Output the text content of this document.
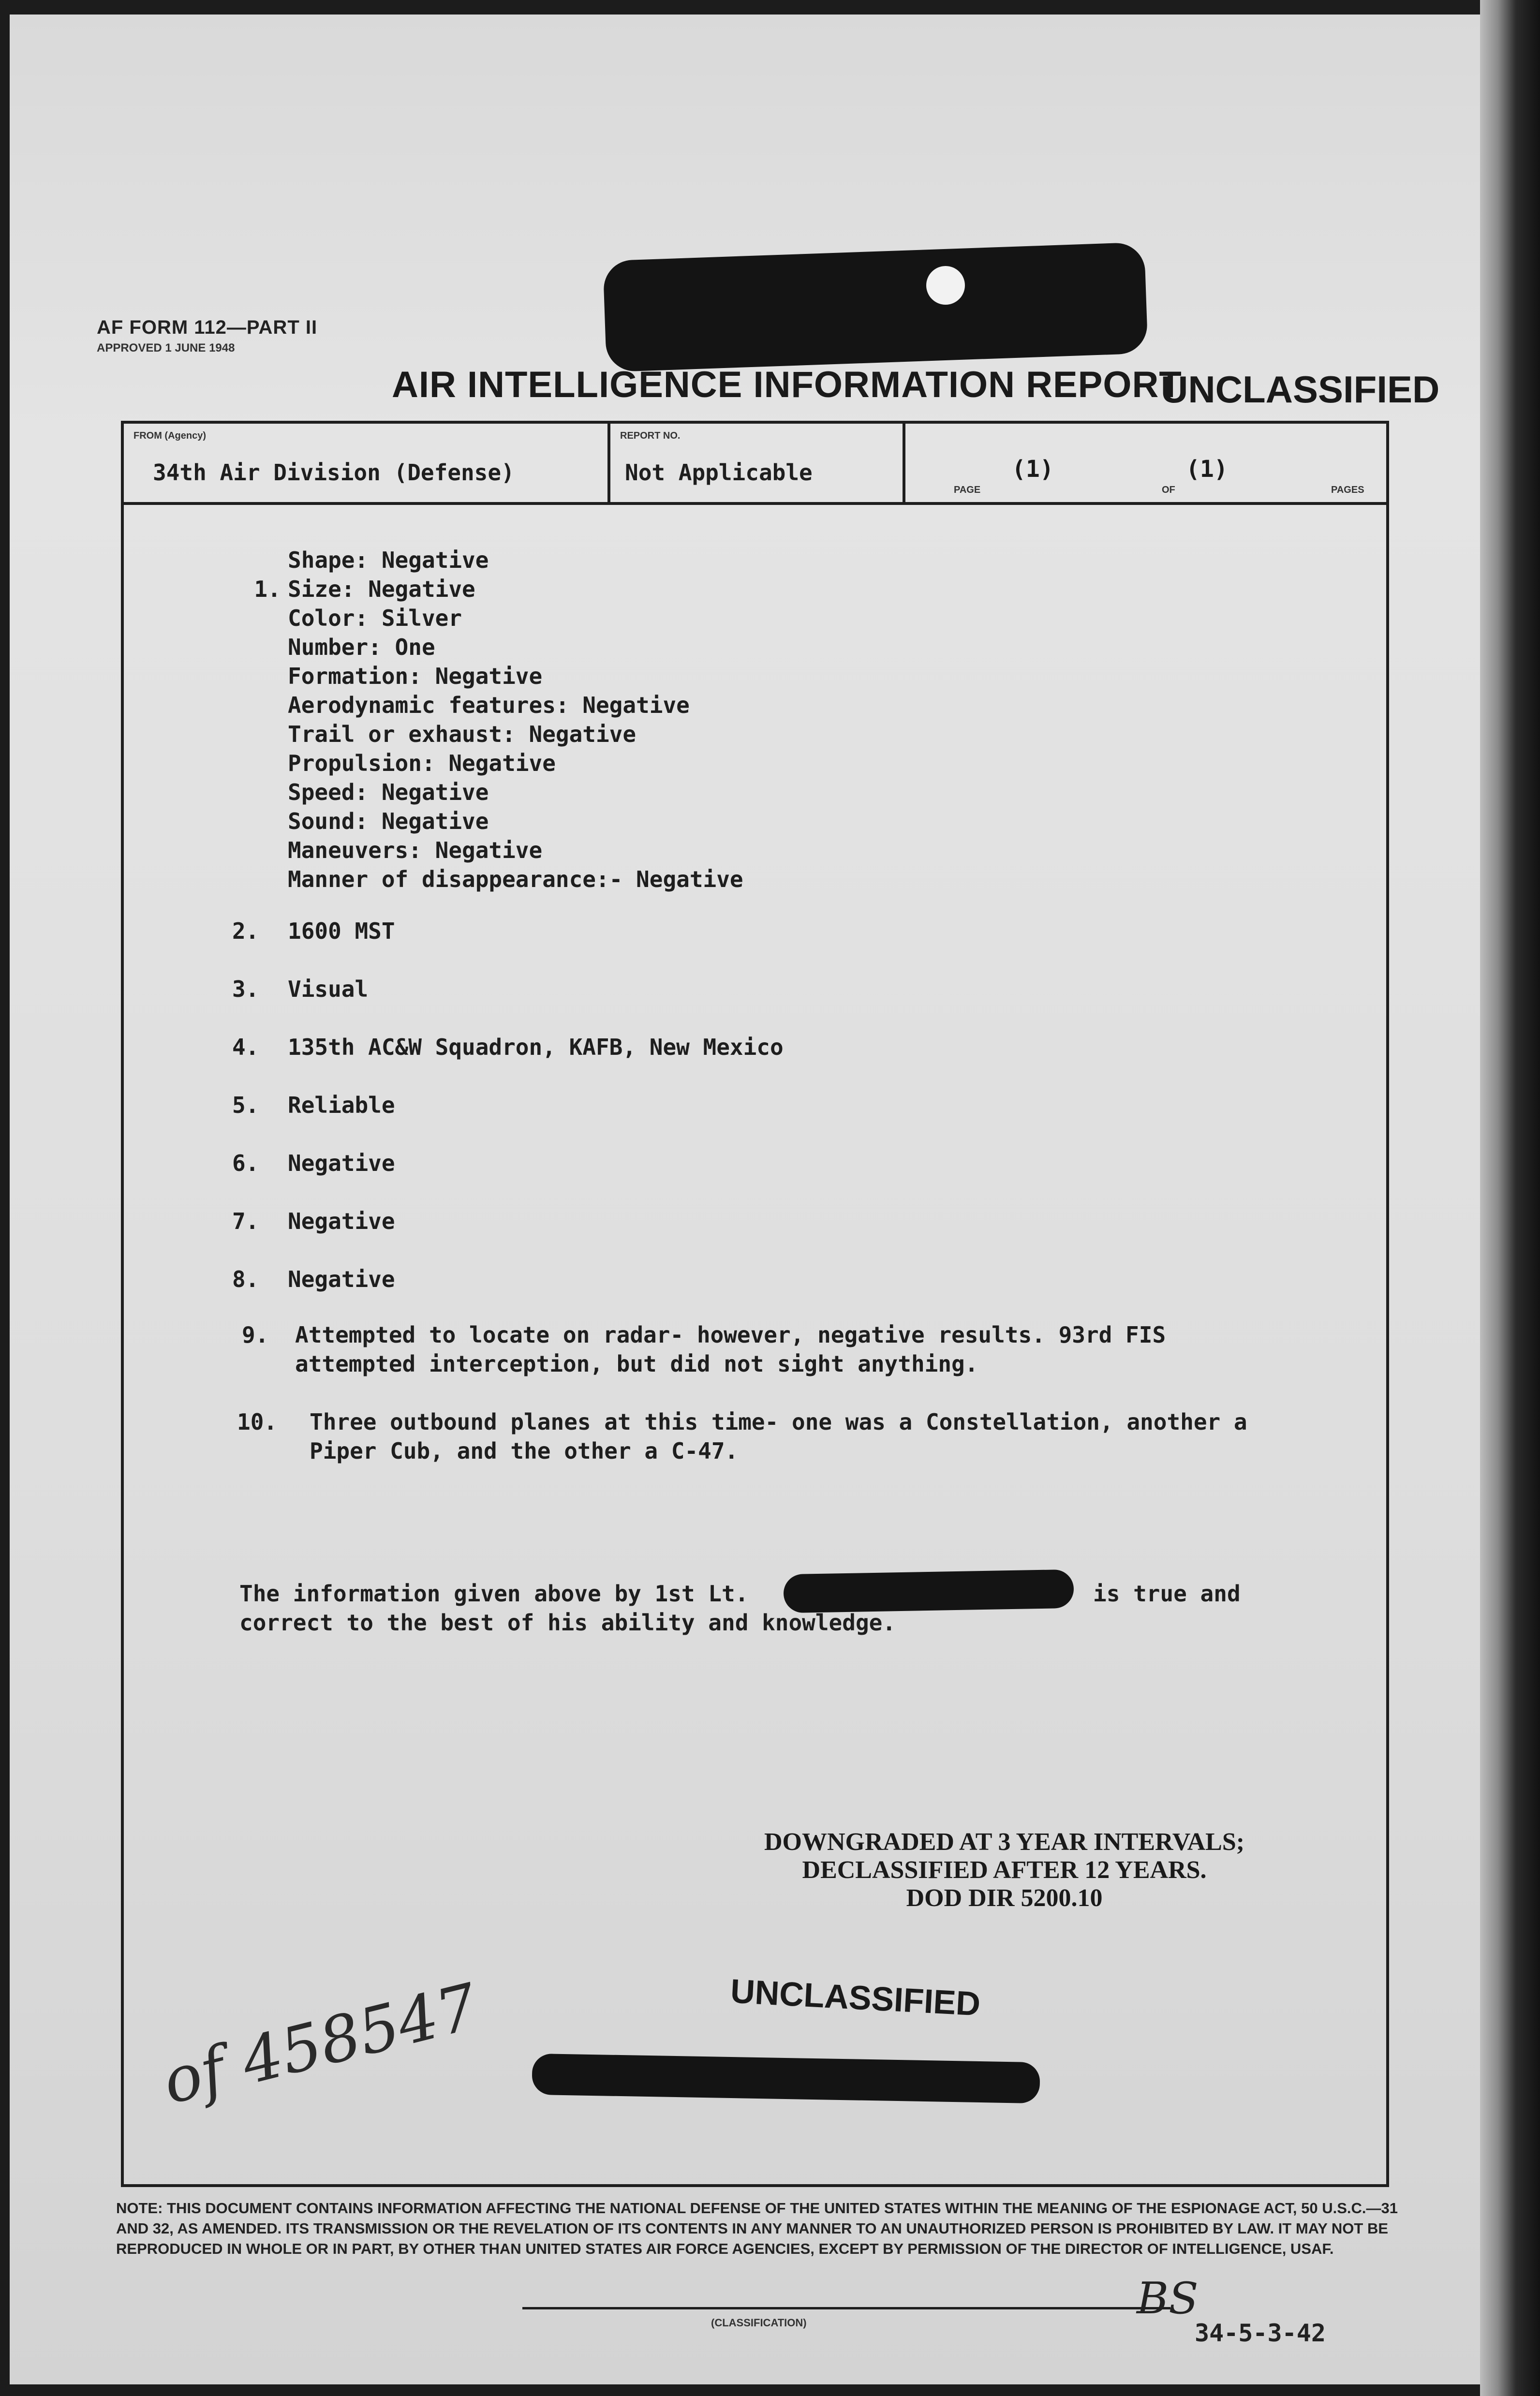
AF FORM 112—PART II
APPROVED 1 JUNE 1948
AIR INTELLIGENCE INFORMATION REPORT
UNCLASSIFIED
FROM (Agency)
34th Air Division (Defense)
REPORT NO.
Not Applicable
PAGE
(1)
OF
(1)
PAGES

1.

Shape: Negative
Size: Negative
Color: Silver
Number: One
Formation: Negative
Aerodynamic features: Negative
Trail or exhaust: Negative
Propulsion: Negative
Speed: Negative
Sound: Negative
Maneuvers: Negative
Manner of disappearance:- Negative
2. 1600 MST
3. Visual
4. 135th AC&W Squadron, KAFB, New Mexico
5. Reliable
6. Negative
7. Negative
8. Negative
9. Attempted to locate on radar- however, negative results. 93rd FIS
attempted interception, but did not sight anything.
10. Three outbound planes at this time- one was a Constellation, another a
Piper Cub, and the other a C-47.
The information given above by 1st Lt.	is true and
correct to the best of his ability and knowledge.
DOWNGRADED AT 3 YEAR INTERVALS;
DECLASSIFIED AFTER 12 YEARS.
DOD DIR 5200.10
UNCLASSIFIED
of 458547
NOTE: THIS DOCUMENT CONTAINS INFORMATION AFFECTING THE NATIONAL DEFENSE OF THE UNITED STATES WITHIN THE MEANING OF THE ESPIONAGE ACT, 50 U.S.C.—31 AND 32, AS AMENDED. ITS TRANSMISSION OR THE REVELATION OF ITS CONTENTS IN ANY MANNER TO AN UNAUTHORIZED PERSON IS PROHIBITED BY LAW. IT MAY NOT BE REPRODUCED IN WHOLE OR IN PART, BY OTHER THAN UNITED STATES AIR FORCE AGENCIES, EXCEPT BY PERMISSION OF THE DIRECTOR OF INTELLIGENCE, USAF.
(CLASSIFICATION)	BS
34-5-3-42
